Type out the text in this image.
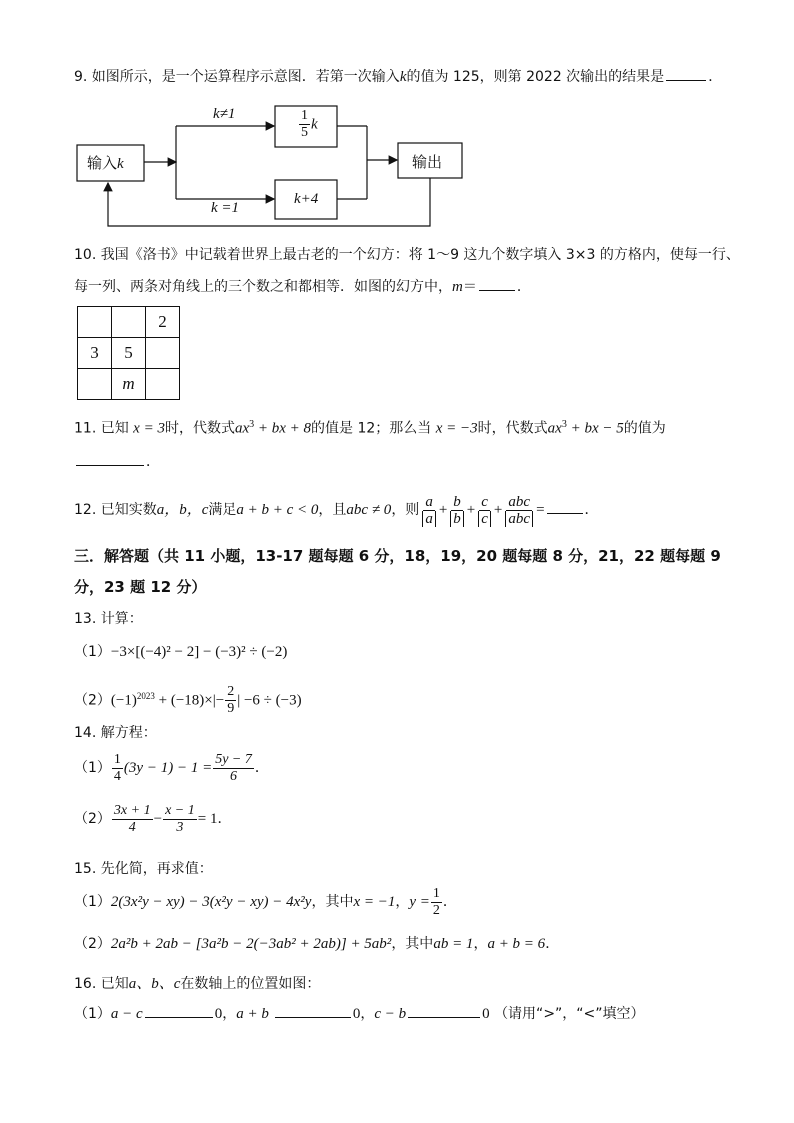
9. 如图所示，是一个运算程序示意图．若第一次输入k的值为 125，则第 2022 次输出的结果是	．
输入k
k≠1
k =1
$\frac{1}{5}$ k
k+4
输出
10. 我国《洛书》中记载着世界上最古老的一个幻方：将 1～9 这九个数字填入 3×3 的方格内，使每一行、
每一列、两条对角线上的三个数之和都相等．如图的幻方中，m＝	．
		2
3	5	
	m	
11. 已知 x = 3时，代数式$ax^3$ + bx + 8的值是 12；那么当 x = −3时，代数式$ax^3$ + bx − 5的值为
．
12. 已知实数a，b，c满足a + b + c < 0，且abc ≠ 0，则 $\frac{a}{a} + \frac{b}{b} + \frac{c}{c} + \frac{\text{abc}}{\text{abc}}$ =	．
三．解答题（共 11 小题，13-17 题每题 6 分，18，19，20 题每题 8 分，21，22 题每题 9
分，23 题 12 分）
13. 计算：
（1）−3×[(−4)² − 2] − (−3)² ÷ (−2)
$(2)(-1)^{2023} + (-18)\times|- \frac{2}{9}$ | −6 ÷ (−3)
14. 解方程：
$(1) \frac{1}{4} (3y - 1) - 1 = \frac{5y - 7}{6}$ ．
$(2) \frac{3x + 1}{4} - \frac{x - 1}{3} = 1$．
15. 先化简，再求值：
（1）2(3x²y − xy) − 3(x²y − xy) − 4x²y，其中x = −1，$y = \frac{1}{2}$ ．
（2）2a²b + 2ab − [3a²b − 2(−3ab² + 2ab)] + 5ab²，其中ab = 1，a + b = 6．
16. 已知a、b、c在数轴上的位置如图：
（1）a − c	0，a + b	0，c − b	0 （请用“>”，“<”填空）
